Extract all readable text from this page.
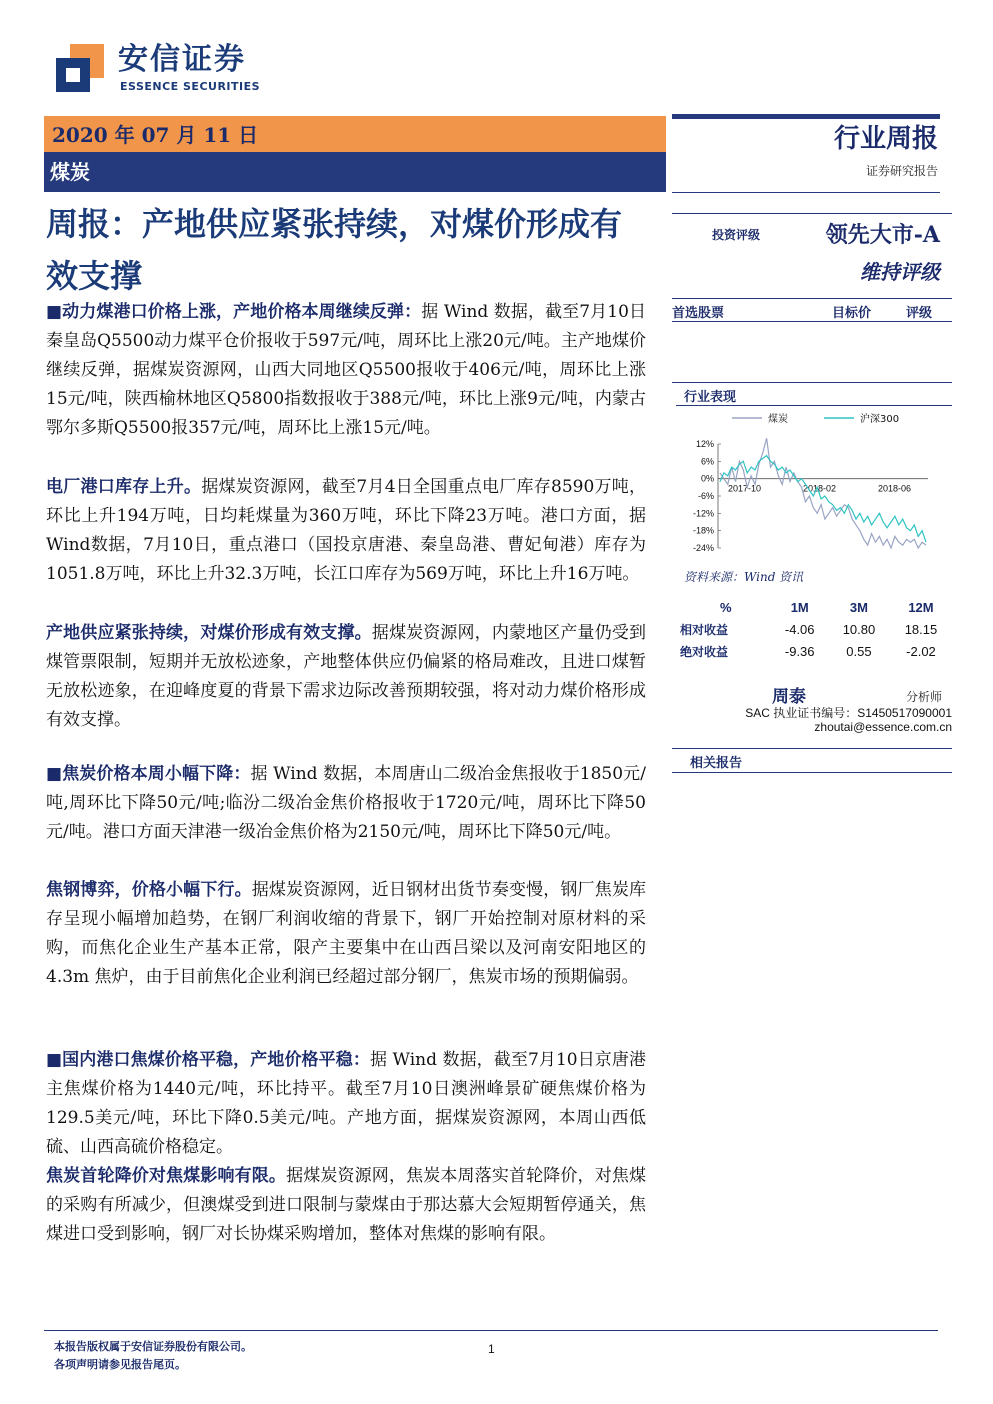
安信证券
ESSENCE SECURITIES
2020 年 07 月 11 日
煤炭
行业周报
证券研究报告
周报：产地供应紧张持续，对煤价形成有效支撑
■动力煤港口价格上涨，产地价格本周继续反弹：据 Wind 数据，截至7月10日秦皇岛Q5500动力煤平仓价报收于597元/吨，周环比上涨20元/吨。主产地煤价继续反弹，据煤炭资源网，山西大同地区Q5500报收于406元/吨，周环比上涨15元/吨，陕西榆林地区Q5800指数报收于388元/吨，环比上涨9元/吨，内蒙古鄂尔多斯Q5500报357元/吨，周环比上涨15元/吨。
电厂港口库存上升。据煤炭资源网，截至7月4日全国重点电厂库存8590万吨，环比上升194万吨，日均耗煤量为360万吨，环比下降23万吨。港口方面，据Wind数据，7月10日，重点港口（国投京唐港、秦皇岛港、曹妃甸港）库存为1051.8万吨，环比上升32.3万吨，长江口库存为569万吨，环比上升16万吨。
产地供应紧张持续，对煤价形成有效支撑。据煤炭资源网，内蒙地区产量仍受到煤管票限制，短期并无放松迹象，产地整体供应仍偏紧的格局难改，且进口煤暂无放松迹象，在迎峰度夏的背景下需求边际改善预期较强，将对动力煤价格形成有效支撑。
■焦炭价格本周小幅下降：据 Wind 数据，本周唐山二级冶金焦报收于1850元/吨,周环比下降50元/吨;临汾二级冶金焦价格报收于1720元/吨，周环比下降50元/吨。港口方面天津港一级冶金焦价格为2150元/吨，周环比下降50元/吨。
焦钢博弈，价格小幅下行。据煤炭资源网，近日钢材出货节奏变慢，钢厂焦炭库存呈现小幅增加趋势，在钢厂利润收缩的背景下，钢厂开始控制对原材料的采购，而焦化企业生产基本正常，限产主要集中在山西吕梁以及河南安阳地区的 4.3m 焦炉，由于目前焦化企业利润已经超过部分钢厂，焦炭市场的预期偏弱。
■国内港口焦煤价格平稳，产地价格平稳：据 Wind 数据，截至7月10日京唐港主焦煤价格为1440元/吨，环比持平。截至7月10日澳洲峰景矿硬焦煤价格为129.5美元/吨，环比下降0.5美元/吨。产地方面，据煤炭资源网，本周山西低硫、山西高硫价格稳定。
焦炭首轮降价对焦煤影响有限。据煤炭资源网，焦炭本周落实首轮降价，对焦煤的采购有所减少，但澳煤受到进口限制与蒙煤由于那达慕大会短期暂停通关，焦煤进口受到影响，钢厂对长协煤采购增加，整体对焦煤的影响有限。
投资评级	领先大市-A
维持评级
首选股票	目标价	评级
行业表现
12%
6%
0%
-6%
-12%
-18%
-24%
2017-10	2018-02	2018-06
煤炭	沪深300
资料来源：Wind 资讯
%	1M	3M	12M
相对收益	-4.06	10.80	18.15
绝对收益	-9.36	0.55	-2.02
周泰	分析师
SAC 执业证书编号：S1450517090001
zhoutai@essence.com.cn
相关报告
本报告版权属于安信证券股份有限公司。
各项声明请参见报告尾页。
1
